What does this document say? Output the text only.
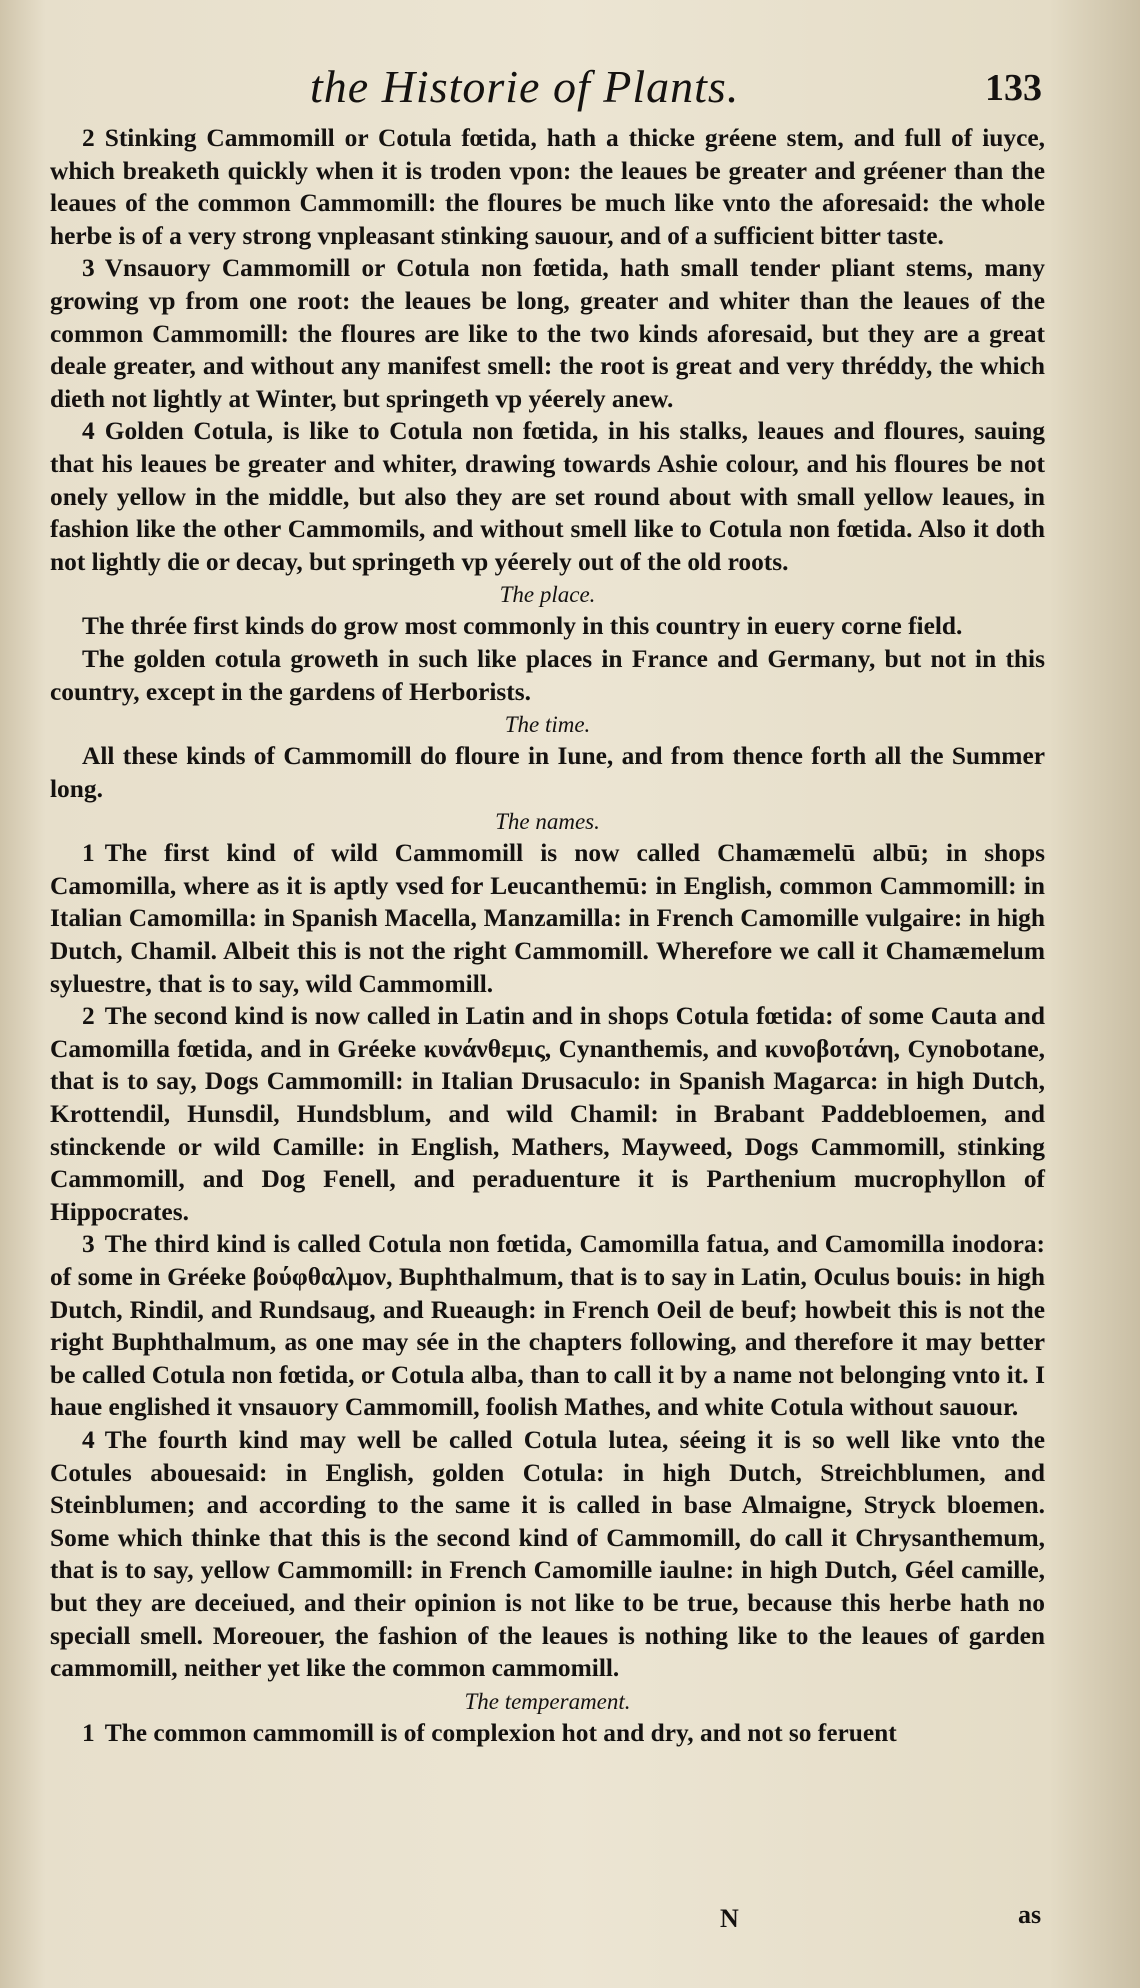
the Historie of Plants.	133
2 Stinking Cammomill or Cotula fœtida, hath a thicke gréene stem, and full of iuyce, which breaketh quickly when it is troden vpon: the leaues be greater and gréener than the leaues of the common Cammomill: the floures be much like vnto the aforesaid: the whole herbe is of a very strong vnpleasant stinking sauour, and of a sufficient bitter taste.
3 Vnsauory Cammomill or Cotula non fœtida, hath small tender pliant stems, many growing vp from one root: the leaues be long, greater and whiter than the leaues of the common Cammomill: the floures are like to the two kinds aforesaid, but they are a great deale greater, and without any manifest smell: the root is great and very thréddy, the which dieth not lightly at Winter, but springeth vp yéerely anew.
4 Golden Cotula, is like to Cotula non fœtida, in his stalks, leaues and floures, sauing that his leaues be greater and whiter, drawing towards Ashie colour, and his floures be not onely yellow in the middle, but also they are set round about with small yellow leaues, in fashion like the other Cammomils, and without smell like to Cotula non fœtida. Also it doth not lightly die or decay, but springeth vp yéerely out of the old roots.
The place.
The thrée first kinds do grow most commonly in this country in euery corne field.
The golden cotula groweth in such like places in France and Germany, but not in this country, except in the gardens of Herborists.
The time.
All these kinds of Cammomill do floure in Iune, and from thence forth all the Summer long.
The names.
1 The first kind of wild Cammomill is now called Chamæmelū albū; in shops Camomilla, where as it is aptly vsed for Leucanthemū: in English, common Cammomill: in Italian Camomilla: in Spanish Macella, Manzamilla: in French Camomille vulgaire: in high Dutch, Chamil. Albeit this is not the right Cammomill. Wherefore we call it Chamæmelum syluestre, that is to say, wild Cammomill.
2 The second kind is now called in Latin and in shops Cotula fœtida: of some Cauta and Camomilla fœtida, and in Gréeke κυνάνθεμις, Cynanthemis, and κυνοβοτάνη, Cynobotane, that is to say, Dogs Cammomill: in Italian Drusaculo: in Spanish Magarca: in high Dutch, Krottendil, Hunsdil, Hundsblum, and wild Chamil: in Brabant Paddebloemen, and stinckende or wild Camille: in English, Mathers, Mayweed, Dogs Cammomill, stinking Cammomill, and Dog Fenell, and peraduenture it is Parthenium mucrophyllon of Hippocrates.
3 The third kind is called Cotula non fœtida, Camomilla fatua, and Camomilla inodora: of some in Gréeke βούφθαλμον, Buphthalmum, that is to say in Latin, Oculus bouis: in high Dutch, Rindil, and Rundsaug, and Rueaugh: in French Oeil de beuf; howbeit this is not the right Buphthalmum, as one may sée in the chapters following, and therefore it may better be called Cotula non fœtida, or Cotula alba, than to call it by a name not belonging vnto it. I haue englished it vnsauory Cammomill, foolish Mathes, and white Cotula without sauour.
4 The fourth kind may well be called Cotula lutea, séeing it is so well like vnto the Cotules abouesaid: in English, golden Cotula: in high Dutch, Streichblumen, and Steinblumen; and according to the same it is called in base Almaigne, Stryck bloemen. Some which thinke that this is the second kind of Cammomill, do call it Chrysanthemum, that is to say, yellow Cammomill: in French Camomille iaulne: in high Dutch, Géel camille, but they are deceiued, and their opinion is not like to be true, because this herbe hath no speciall smell. Moreouer, the fashion of the leaues is nothing like to the leaues of garden cammomill, neither yet like the common cammomill.
The temperament.
1 The common cammomill is of complexion hot and dry, and not so feruent
N	as
